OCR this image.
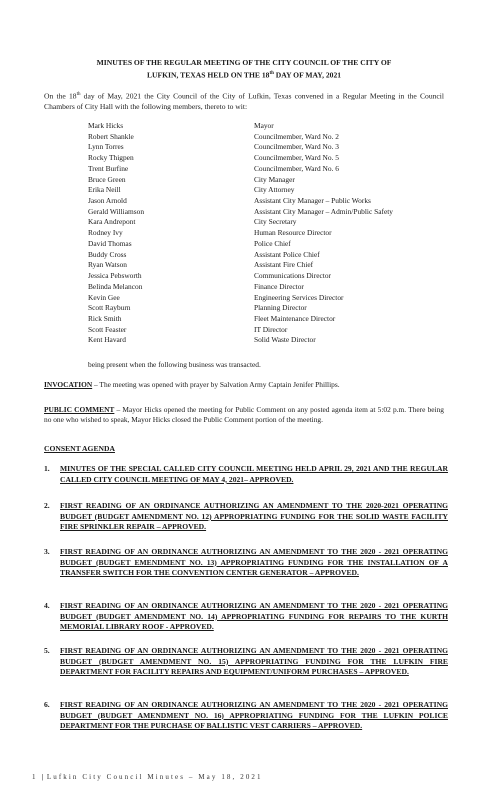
MINUTES OF THE REGULAR MEETING OF THE CITY COUNCIL OF THE CITY OF
LUFKIN, TEXAS HELD ON THE 18th DAY OF MAY, 2021
On the 18th day of May, 2021 the City Council of the City of Lufkin, Texas convened in a Regular Meeting in the Council Chambers of City Hall with the following members, thereto to wit:
Mark Hicks	Mayor
Robert Shankle	Councilmember, Ward No. 2
Lynn Torres	Councilmember, Ward No. 3
Rocky Thigpen	Councilmember, Ward No. 5
Trent Burfine	Councilmember, Ward No. 6
Bruce Green	City Manager
Erika Neill	City Attorney
Jason Arnold	Assistant City Manager – Public Works
Gerald Williamson	Assistant City Manager – Admin/Public Safety
Kara Andrepont	City Secretary
Rodney Ivy	Human Resource Director
David Thomas	Police Chief
Buddy Cross	Assistant Police Chief
Ryan Watson	Assistant Fire Chief
Jessica Pebsworth	Communications Director
Belinda Melancon	Finance Director
Kevin Gee	Engineering Services Director
Scott Rayburn	Planning Director
Rick Smith	Fleet Maintenance Director
Scott Feaster	IT Director
Kent Havard	Solid Waste Director
being present when the following business was transacted.
INVOCATION – The meeting was opened with prayer by Salvation Army Captain Jenifer Phillips.
PUBLIC COMMENT – Mayor Hicks opened the meeting for Public Comment on any posted agenda item at 5:02 p.m. There being no one who wished to speak, Mayor Hicks closed the Public Comment portion of the meeting.
CONSENT AGENDA
1.	MINUTES OF THE SPECIAL CALLED CITY COUNCIL MEETING HELD APRIL 29, 2021 AND THE REGULAR CALLED CITY COUNCIL MEETING OF MAY 4, 2021– APPROVED.
2.	FIRST READING OF AN ORDINANCE AUTHORIZING AN AMENDMENT TO THE 2020-2021 OPERATING BUDGET (BUDGET AMENDMENT NO. 12) APPROPRIATING FUNDING FOR THE SOLID WASTE FACILITY FIRE SPRINKLER REPAIR – APPROVED.
3.	FIRST READING OF AN ORDINANCE AUTHORIZING AN AMENDMENT TO THE 2020 - 2021 OPERATING BUDGET (BUDGET EMENDMENT NO. 13) APPROPRIATING FUNDING FOR THE INSTALLATION OF A TRANSFER SWITCH FOR THE CONVENTION CENTER GENERATOR – APPROVED.
4.	FIRST READING OF AN ORDINANCE AUTHORIZING AN AMENDMENT TO THE 2020 - 2021 OPERATING BUDGET (BUDGET AMENDMENT NO. 14) APPROPRIATING FUNDING FOR REPAIRS TO THE KURTH MEMORIAL LIBRARY ROOF - APPROVED.
5.	FIRST READING OF AN ORDINANCE AUTHORIZING AN AMENDMENT TO THE 2020 - 2021 OPERATING BUDGET (BUDGET AMENDMENT NO. 15) APPROPRIATING FUNDING FOR THE LUFKIN FIRE DEPARTMENT FOR FACILITY REPAIRS AND EQUIPMENT/UNIFORM PURCHASES – APPROVED.
6.	FIRST READING OF AN ORDINANCE AUTHORIZING AN AMENDMENT TO THE 2020 - 2021 OPERATING BUDGET (BUDGET AMENDMENT NO. 16) APPROPRIATING FUNDING FOR THE LUFKIN POLICE DEPARTMENT FOR THE PURCHASE OF BALLISTIC VEST CARRIERS – APPROVED.
1 | Lufkin City Council Minutes – May 18, 2021
